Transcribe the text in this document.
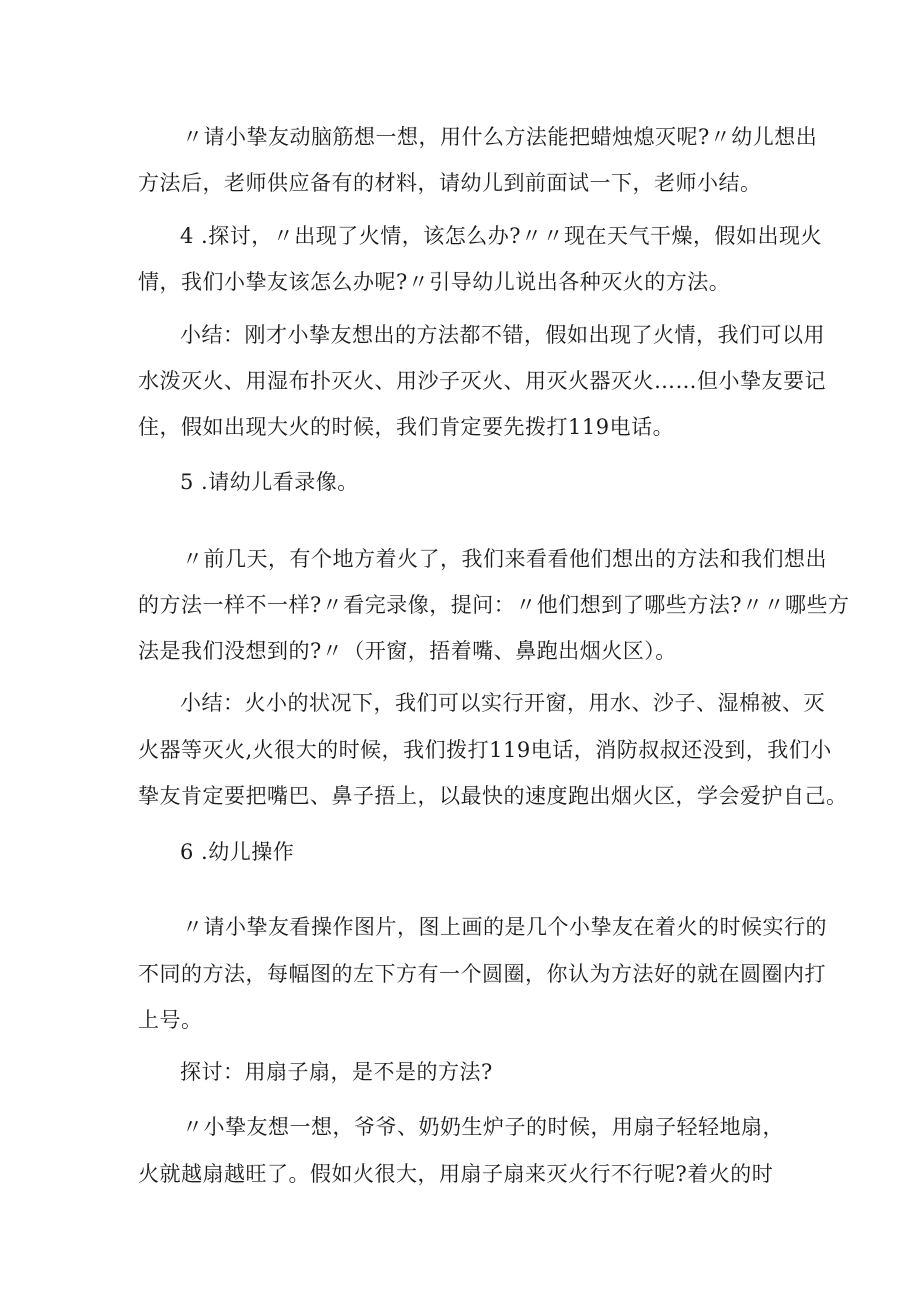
〃请小挚友动脑筋想一想，用什么方法能把蜡烛熄灭呢?〃幼儿想出
方法后，老师供应备有的材料，请幼儿到前面试一下，老师小结。
4 .探讨，〃出现了火情，该怎么办?〃〃现在天气干燥，假如出现火
情，我们小挚友该怎么办呢?〃引导幼儿说出各种灭火的方法。
小结：刚才小挚友想出的方法都不错，假如出现了火情，我们可以用
水泼灭火、用湿布扑灭火、用沙子灭火、用灭火器灭火……但小挚友要记
住，假如出现大火的时候，我们肯定要先拨打119电话。
5 .请幼儿看录像。
〃前几天，有个地方着火了，我们来看看他们想出的方法和我们想出
的方法一样不一样?〃看完录像，提问：〃他们想到了哪些方法?〃〃哪些方
法是我们没想到的?〃（开窗，捂着嘴、鼻跑出烟火区）。
小结：火小的状况下，我们可以实行开窗，用水、沙子、湿棉被、灭
火器等灭火,火很大的时候，我们拨打119电话，消防叔叔还没到，我们小
挚友肯定要把嘴巴、鼻子捂上，以最快的速度跑出烟火区，学会爱护自己。
6 .幼儿操作
〃请小挚友看操作图片，图上画的是几个小挚友在着火的时候实行的
不同的方法，每幅图的左下方有一个圆圈，你认为方法好的就在圆圈内打
上号。
探讨：用扇子扇，是不是的方法?
〃小挚友想一想，爷爷、奶奶生炉子的时候，用扇子轻轻地扇，
火就越扇越旺了。假如火很大，用扇子扇来灭火行不行呢?着火的时
